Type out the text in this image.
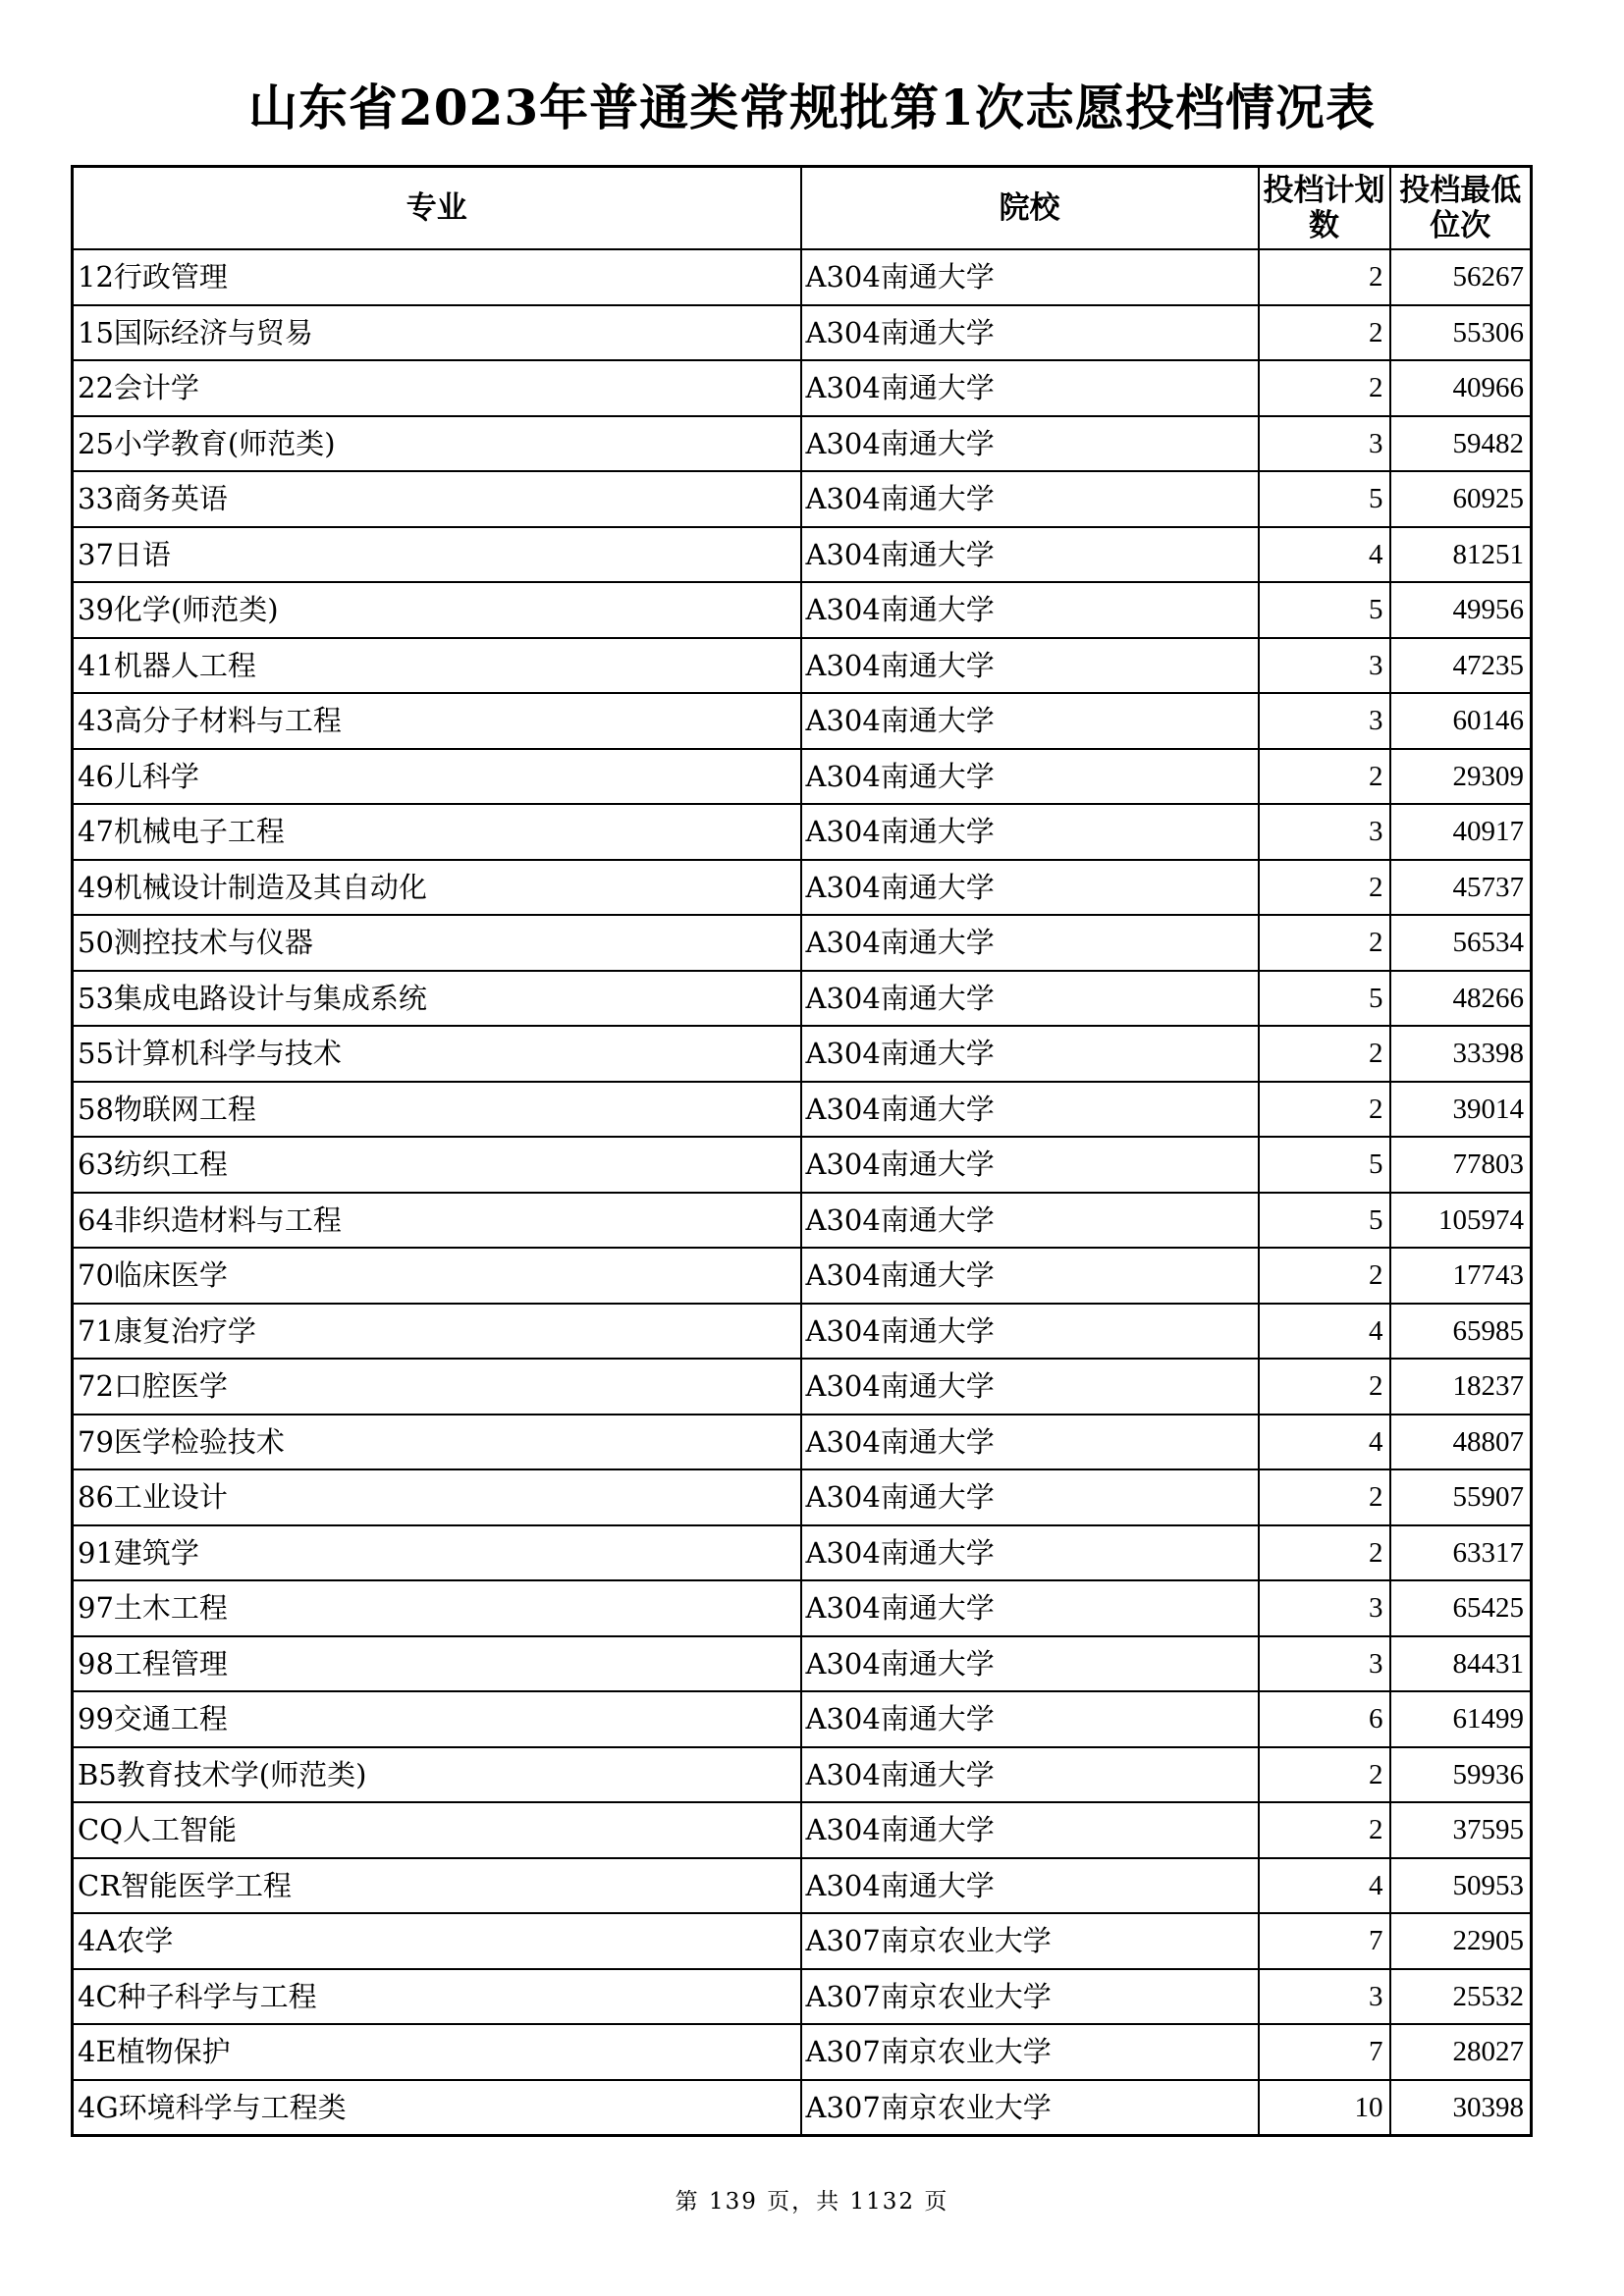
山东省2023年普通类常规批第1次志愿投档情况表
专业	院校	投档计划数	投档最低位次
12行政管理	A304南通大学	2	56267
15国际经济与贸易	A304南通大学	2	55306
22会计学	A304南通大学	2	40966
25小学教育(师范类)	A304南通大学	3	59482
33商务英语	A304南通大学	5	60925
37日语	A304南通大学	4	81251
39化学(师范类)	A304南通大学	5	49956
41机器人工程	A304南通大学	3	47235
43高分子材料与工程	A304南通大学	3	60146
46儿科学	A304南通大学	2	29309
47机械电子工程	A304南通大学	3	40917
49机械设计制造及其自动化	A304南通大学	2	45737
50测控技术与仪器	A304南通大学	2	56534
53集成电路设计与集成系统	A304南通大学	5	48266
55计算机科学与技术	A304南通大学	2	33398
58物联网工程	A304南通大学	2	39014
63纺织工程	A304南通大学	5	77803
64非织造材料与工程	A304南通大学	5	105974
70临床医学	A304南通大学	2	17743
71康复治疗学	A304南通大学	4	65985
72口腔医学	A304南通大学	2	18237
79医学检验技术	A304南通大学	4	48807
86工业设计	A304南通大学	2	55907
91建筑学	A304南通大学	2	63317
97土木工程	A304南通大学	3	65425
98工程管理	A304南通大学	3	84431
99交通工程	A304南通大学	6	61499
B5教育技术学(师范类)	A304南通大学	2	59936
CQ人工智能	A304南通大学	2	37595
CR智能医学工程	A304南通大学	4	50953
4A农学	A307南京农业大学	7	22905
4C种子科学与工程	A307南京农业大学	3	25532
4E植物保护	A307南京农业大学	7	28027
4G环境科学与工程类	A307南京农业大学	10	30398
第 139 页，共 1132 页
